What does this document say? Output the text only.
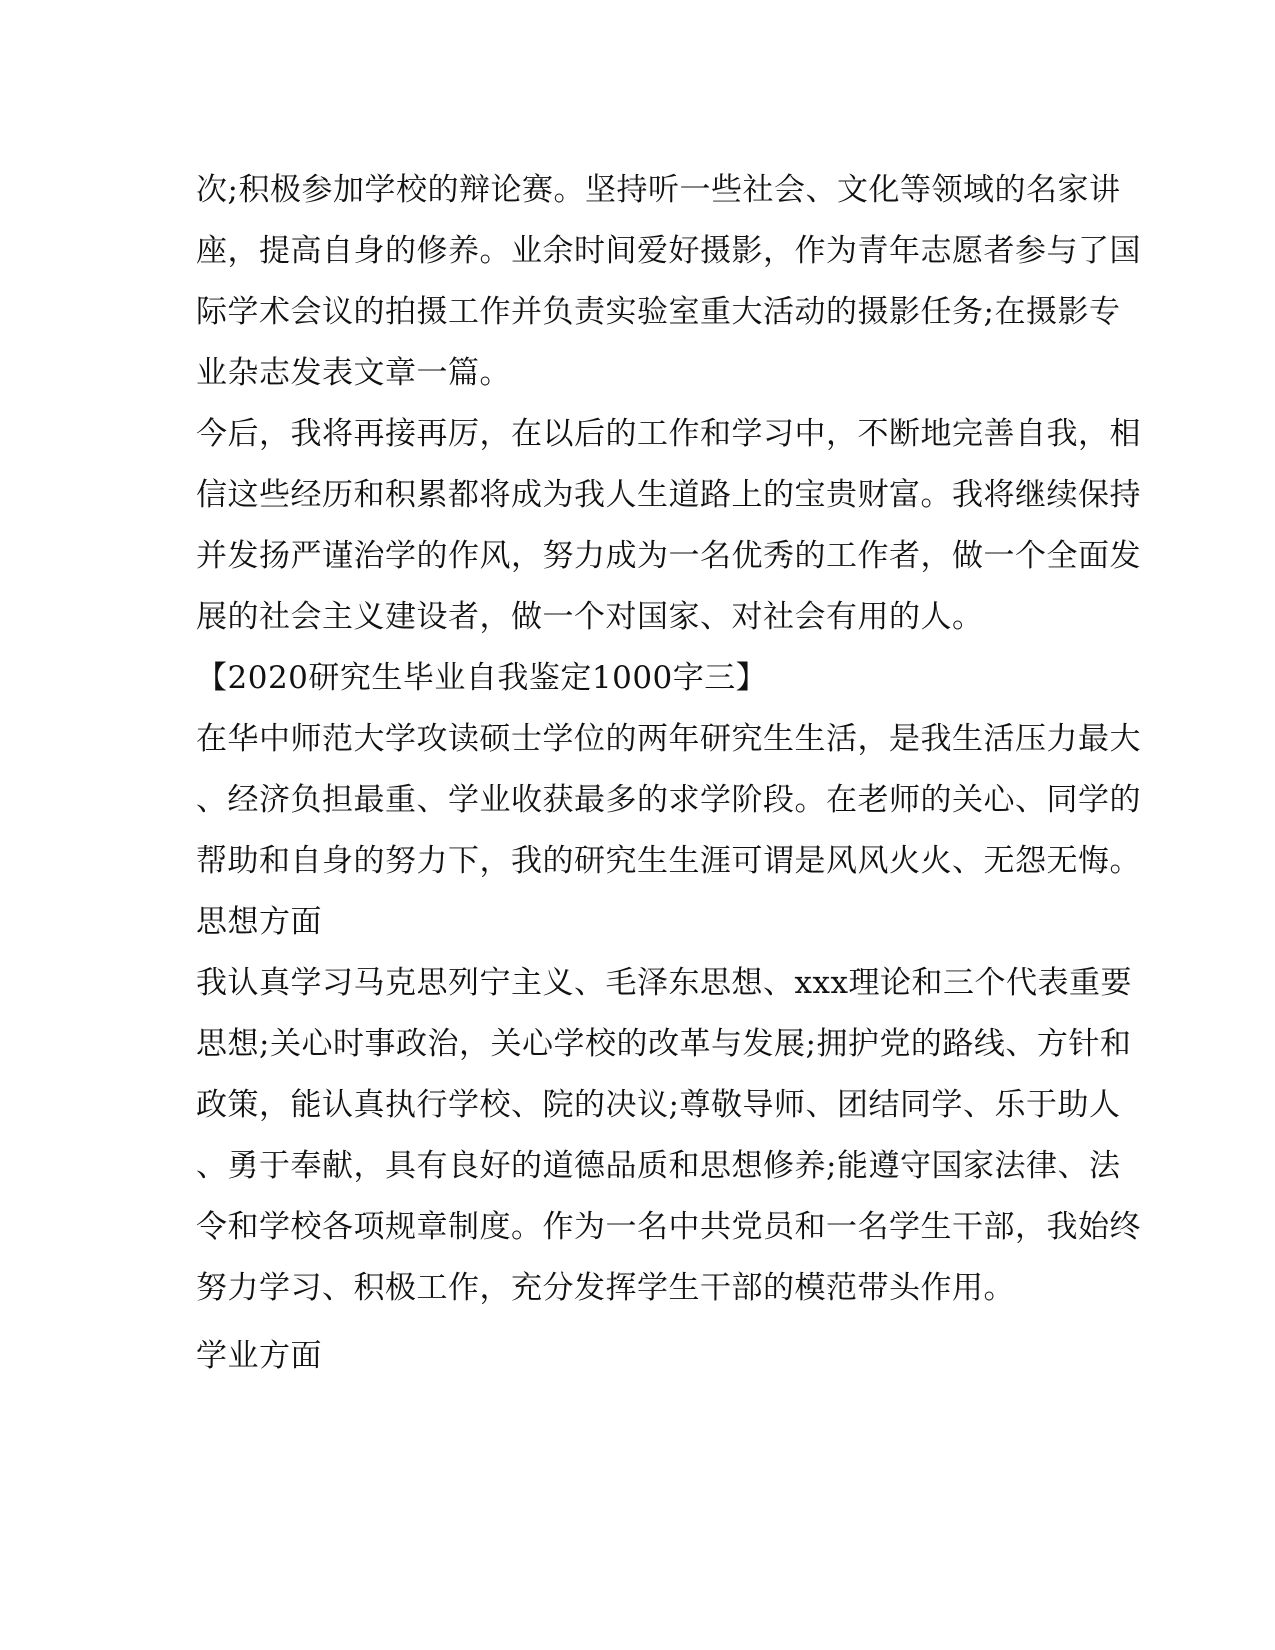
次;积极参加学校的辩论赛。坚持听一些社会、文化等领域的名家讲
座，提高自身的修养。业余时间爱好摄影，作为青年志愿者参与了国
际学术会议的拍摄工作并负责实验室重大活动的摄影任务;在摄影专
业杂志发表文章一篇。
今后，我将再接再厉，在以后的工作和学习中，不断地完善自我，相
信这些经历和积累都将成为我人生道路上的宝贵财富。我将继续保持
并发扬严谨治学的作风，努力成为一名优秀的工作者，做一个全面发
展的社会主义建设者，做一个对国家、对社会有用的人。
【2020研究生毕业自我鉴定1000字三】
在华中师范大学攻读硕士学位的两年研究生生活，是我生活压力最大
、经济负担最重、学业收获最多的求学阶段。在老师的关心、同学的
帮助和自身的努力下，我的研究生生涯可谓是风风火火、无怨无悔。
思想方面
我认真学习马克思列宁主义、毛泽东思想、xxx理论和三个代表重要
思想;关心时事政治，关心学校的改革与发展;拥护党的路线、方针和
政策，能认真执行学校、院的决议;尊敬导师、团结同学、乐于助人
、勇于奉献，具有良好的道德品质和思想修养;能遵守国家法律、法
令和学校各项规章制度。作为一名中共党员和一名学生干部，我始终
努力学习、积极工作，充分发挥学生干部的模范带头作用。
学业方面
